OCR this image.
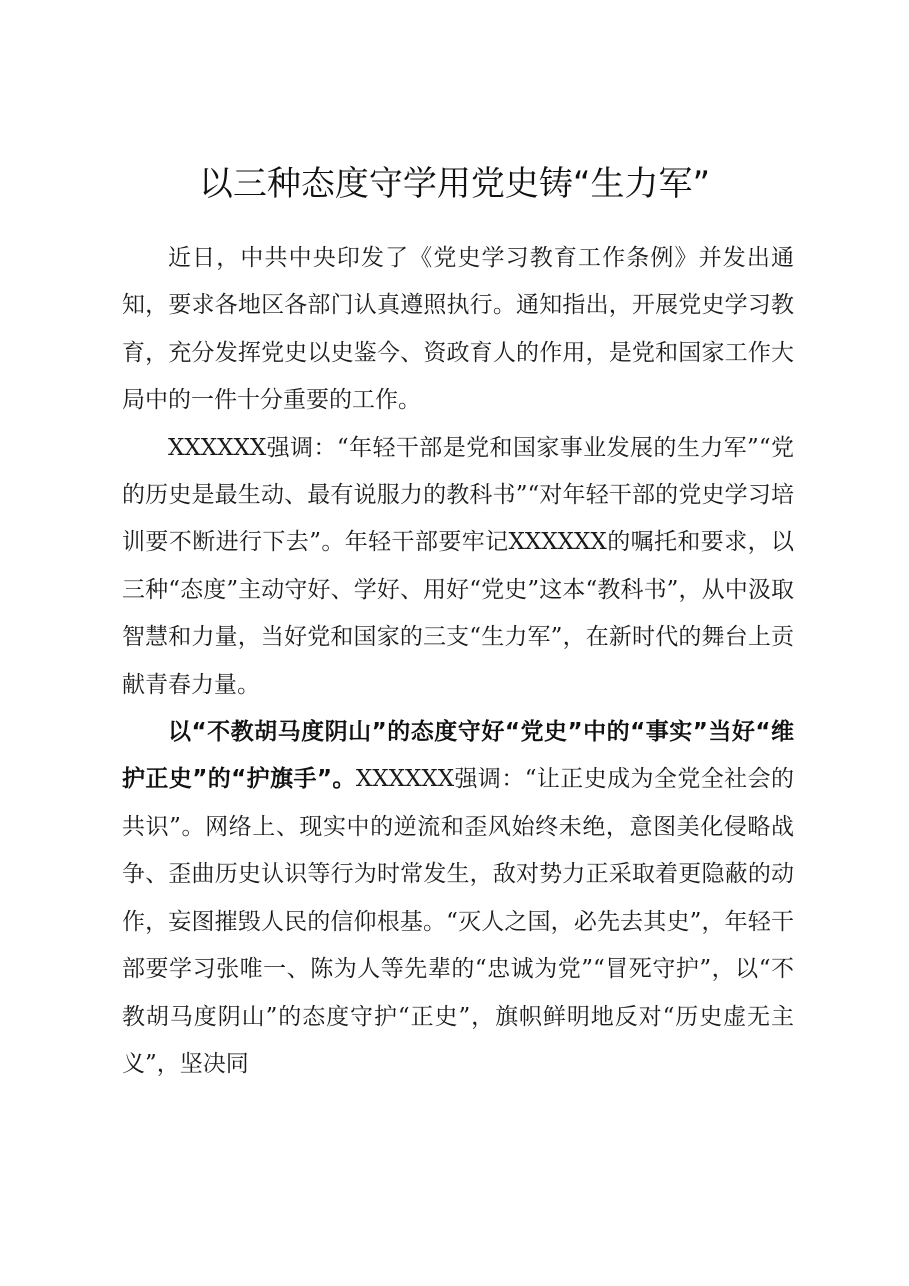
以三种态度守学用党史铸“生力军”

近日，中共中央印发了《党史学习教育工作条例》并发出通知，要求各地区各部门认真遵照执行。通知指出，开展党史学习教育，充分发挥党史以史鉴今、资政育人的作用，是党和国家工作大局中的一件十分重要的工作。

XXXXXX强调：“年轻干部是党和国家事业发展的生力军”“党的历史是最生动、最有说服力的教科书”“对年轻干部的党史学习培训要不断进行下去”。年轻干部要牢记XXXXXX的嘱托和要求，以三种“态度”主动守好、学好、用好“党史”这本“教科书”，从中汲取智慧和力量，当好党和国家的三支“生力军”，在新时代的舞台上贡献青春力量。

以“不教胡马度阴山”的态度守好“党史”中的“事实”当好“维护正史”的“护旗手”。XXXXXX强调：“让正史成为全党全社会的共识”。网络上、现实中的逆流和歪风始终未绝，意图美化侵略战争、歪曲历史认识等行为时常发生，敌对势力正采取着更隐蔽的动作，妄图摧毁人民的信仰根基。“灭人之国，必先去其史”，年轻干部要学习张唯一、陈为人等先辈的“忠诚为党”“冒死守护”，以“不教胡马度阴山”的态度守护“正史”，旗帜鲜明地反对“历史虚无主义”，坚决同
